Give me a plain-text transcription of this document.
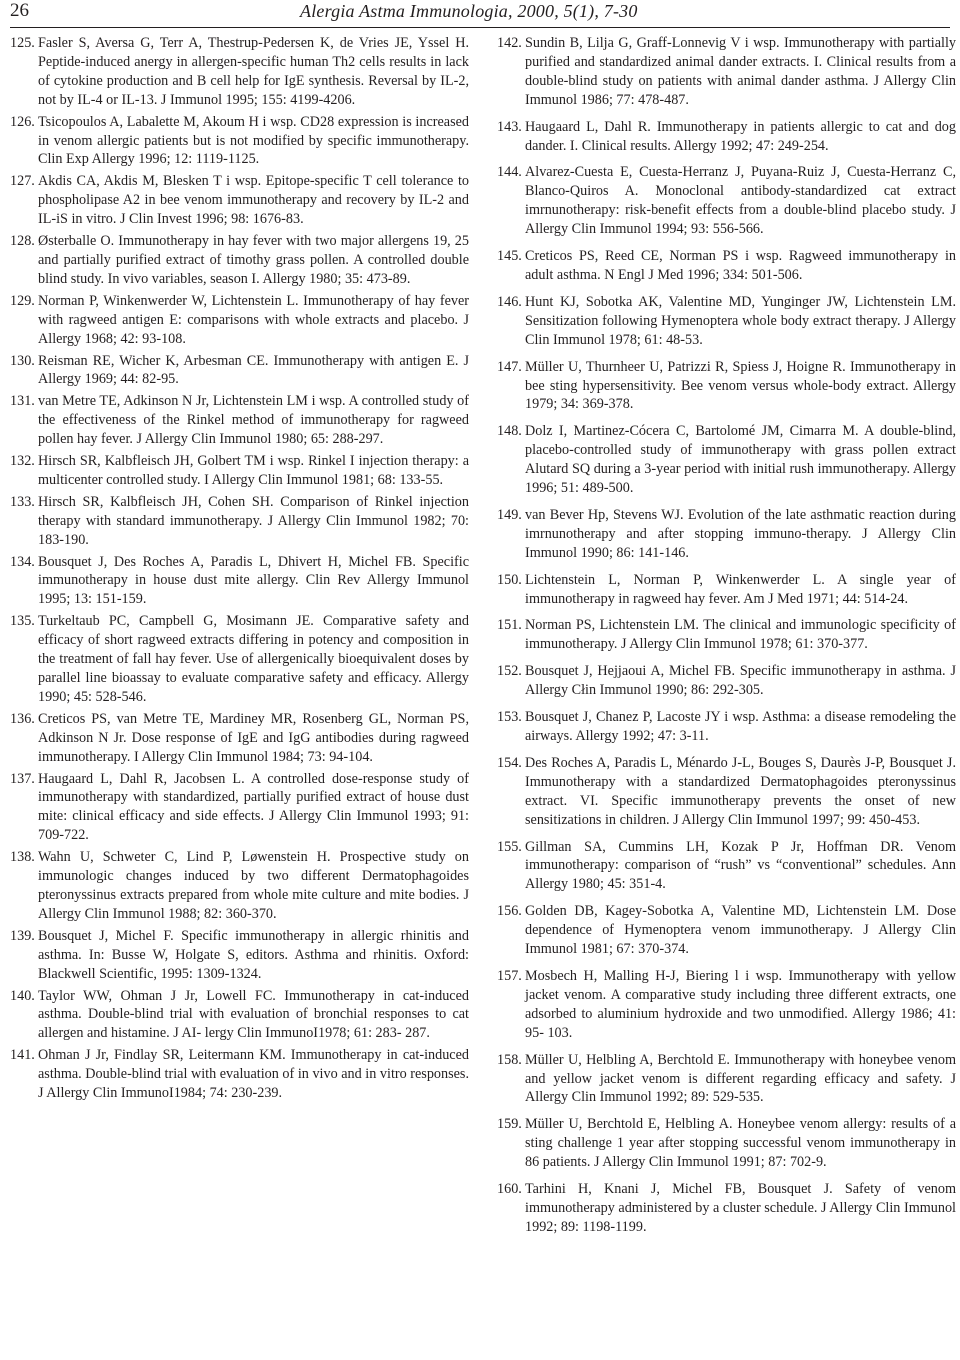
26	Alergia Astma Immunologia, 2000, 5(1), 7-30

125. Fasler S, Aversa G, Terr A, Thestrup-Pedersen K, de Vries JE, Yssel H. Peptide-induced anergy in allergen-specific human Th2 cells results in lack of cytokine production and B cell help for IgE synthesis. Reversal by IL-2, not by IL-4 or IL-13. J Immunol 1995; 155: 4199-4206.

126. Tsicopoulos A, Labalette M, Akoum H i wsp. CD28 expression is increased in venom allergic patients but is not modified by specific immunotherapy. Clin Exp Allergy 1996; 12: 1119-1125.

127. Akdis CA, Akdis M, Blesken T i wsp. Epitope-specific T cell tolerance to phospholipase A2 in bee venom immunotherapy and recovery by IL-2 and IL-iS in vitro. J Clin Invest 1996; 98: 1676-83.

128. Østerballe O. Immunotherapy in hay fever with two major allergens 19, 25 and partially purified extract of timothy grass pollen. A controlled double blind study. In vivo variables, season I. Allergy 1980; 35: 473-89.

129. Norman P, Winkenwerder W, Lichtenstein L. Immunotherapy of hay fever with ragweed antigen E: comparisons with whole extracts and placebo. J Allergy 1968; 42: 93-108.

130. Reisman RE, Wicher K, Arbesman CE. Immunotherapy with antigen E. J Allergy 1969; 44: 82-95.

131. van Metre TE, Adkinson N Jr, Lichtenstein LM i wsp. A controlled study of the effectiveness of the Rinkel method of immunotherapy for ragweed pollen hay fever. J Allergy Clin Immunol 1980; 65: 288-297.

132. Hirsch SR, Kalbfleisch JH, Golbert TM i wsp. Rinkel I injection therapy: a multicenter controlled study. I Allergy Clin Immunol 1981; 68: 133-55.

133. Hirsch SR, Kalbfleisch JH, Cohen SH. Comparison of Rinkel injection therapy with standard immunotherapy. J Allergy Clin Immunol 1982; 70: 183-190.

134. Bousquet J, Des Roches A, Paradis L, Dhivert H, Michel FB. Specific immunotherapy in house dust mite allergy. Clin Rev Allergy Immunol 1995; 13: 151-159.

135. Turkeltaub PC, Campbell G, Mosimann JE. Comparative safety and efficacy of short ragweed extracts differing in potency and composition in the treatment of fall hay fever. Use of allergenically bioequivalent doses by parallel line bioassay to evaluate comparative safety and efficacy. Allergy 1990; 45: 528-546.

136. Creticos PS, van Metre TE, Mardiney MR, Rosenberg GL, Norman PS, Adkinson N Jr. Dose response of IgE and IgG antibodies during ragweed immunotherapy. I Allergy Clin Immunol 1984; 73: 94-104.

137. Haugaard L, Dahl R, Jacobsen L. A controlled dose-response study of immunotherapy with standardized, partially purified extract of house dust mite: clinical efficacy and side effects. J Allergy Clin Immunol 1993; 91: 709-722.

138. Wahn U, Schweter C, Lind P, Løwenstein H. Prospective study on immunologic changes induced by two different Dermatophagoides pteronyssinus extracts prepared from whole mite culture and mite bodies. J Allergy Clin Immunol 1988; 82: 360-370.

139. Bousquet J, Michel F. Specific immunotherapy in allergic rhinitis and asthma. In: Busse W, Holgate S, editors. Asthma and rhinitis. Oxford: Blackwell Scientific, 1995: 1309-1324.

140. Taylor WW, Ohman J Jr, Lowell FC. Immunotherapy in cat-induced asthma. Double-blind trial with evaluation of bronchial responses to cat allergen and histamine. J AI- lergy Clin ImmunoI1978; 61: 283- 287.

141. Ohman J Jr, Findlay SR, Leitermann KM. Immunotherapy in cat-induced asthma. Double-blind trial with evaluation of in vivo and in vitro responses. J Allergy Clin ImmunoI1984; 74: 230-239.

142. Sundin B, Lilja G, Graff-Lonnevig V i wsp. Immunotherapy with partially purified and standardized animal dander extracts. I. Clinical results from a double-blind study on patients with animal dander asthma. J Allergy Clin Immunol 1986; 77: 478-487.

143. Haugaard L, Dahl R. Immunotherapy in patients allergic to cat and dog dander. I. Clinical results. Allergy 1992; 47: 249-254.

144. Alvarez-Cuesta E, Cuesta-Herranz J, Puyana-Ruiz J, Cuesta-Herranz C, Blanco-Quiros A. Monoclonal antibody-standardized cat extract imrnunotherapy: risk-benefit effects from a double-blind placebo study. J Allergy Clin Immunol 1994; 93: 556-566.

145. Creticos PS, Reed CE, Norman PS i wsp. Ragweed immunotherapy in adult asthma. N Engl J Med 1996; 334: 501-506.

146. Hunt KJ, Sobotka AK, Valentine MD, Yunginger JW, Lichtenstein LM. Sensitization following Hymenoptera whole body extract therapy. J Allergy Clin Immunol 1978; 61: 48-53.

147. Müller U, Thurnheer U, Patrizzi R, Spiess J, Hoigne R. Immunotherapy in bee sting hypersensitivity. Bee venom versus whole-body extract. Allergy 1979; 34: 369-378.

148. Dolz I, Martinez-Cócera C, Bartolomé JM, Cimarra M. A double-blind, placebo-controlled study of immunotherapy with grass pollen extract Alutard SQ during a 3-year period with initial rush immunotherapy. Allergy 1996; 51: 489-500.

149. van Bever Hp, Stevens WJ. Evolution of the late asthmatic reaction during imrnunotherapy and after stopping immuno-therapy. J Allergy Clin Immunol 1990; 86: 141-146.

150. Lichtenstein L, Norman P, Winkenwerder L. A single year of immunotherapy in ragweed hay fever. Am J Med 1971; 44: 514-24.

151. Norman PS, Lichtenstein LM. The clinical and immunologic specificity of immunotherapy. J Allergy Clin Immunol 1978; 61: 370-377.

152. Bousquet J, Hejjaoui A, Michel FB. Specific immunotherapy in asthma. J Allergy Cłin Immunol 1990; 86: 292-305.

153. Bousquet J, Chanez P, Lacoste JY i wsp. Asthma: a disease remodełing the airways. Allergy 1992; 47: 3-11.

154. Des Roches A, Paradis L, Ménardo J-L, Bouges S, Daurès J-P, Bousquet J. Immunotherapy with a standardized Dermatophagoides pteronyssinus extract. VI. Specific immunotherapy prevents the onset of new sensitizations in children. J Allergy Clin Immunol 1997; 99: 450-453.

155. Gillman SA, Cummins LH, Kozak P Jr, Hoffman DR. Venom immunotherapy: comparison of “rush” vs “conventional” schedules. Ann Allergy 1980; 45: 351-4.

156. Golden DB, Kagey-Sobotka A, Valentine MD, Lichtenstein LM. Dose dependence of Hymenoptera venom immunotherapy. J Allergy Clin Immunol 1981; 67: 370-374.

157. Mosbech H, Malling H-J, Biering l i wsp. Immunotherapy with yellow jacket venom. A comparative study including three different extracts, one adsorbed to aluminium hydroxide and two unmodified. Allergy 1986; 41: 95- 103.

158. Müller U, Helbling A, Berchtold E. Immunotherapy with honeybee venom and yellow jacket venom is different regarding efficacy and safety. J Allergy Clin Immunol 1992; 89: 529-535.

159. Müller U, Berchtold E, Helbling A. Honeybee venom allergy: results of a sting challenge 1 year after stopping successful venom immunotherapy in 86 patients. J Allergy Clin Immunol 1991; 87: 702-9.

160. Tarhini H, Knani J, Michel FB, Bousquet J. Safety of venom immunotherapy administered by a cluster schedule. J Allergy Clin Immunol 1992; 89: 1198-1199.
